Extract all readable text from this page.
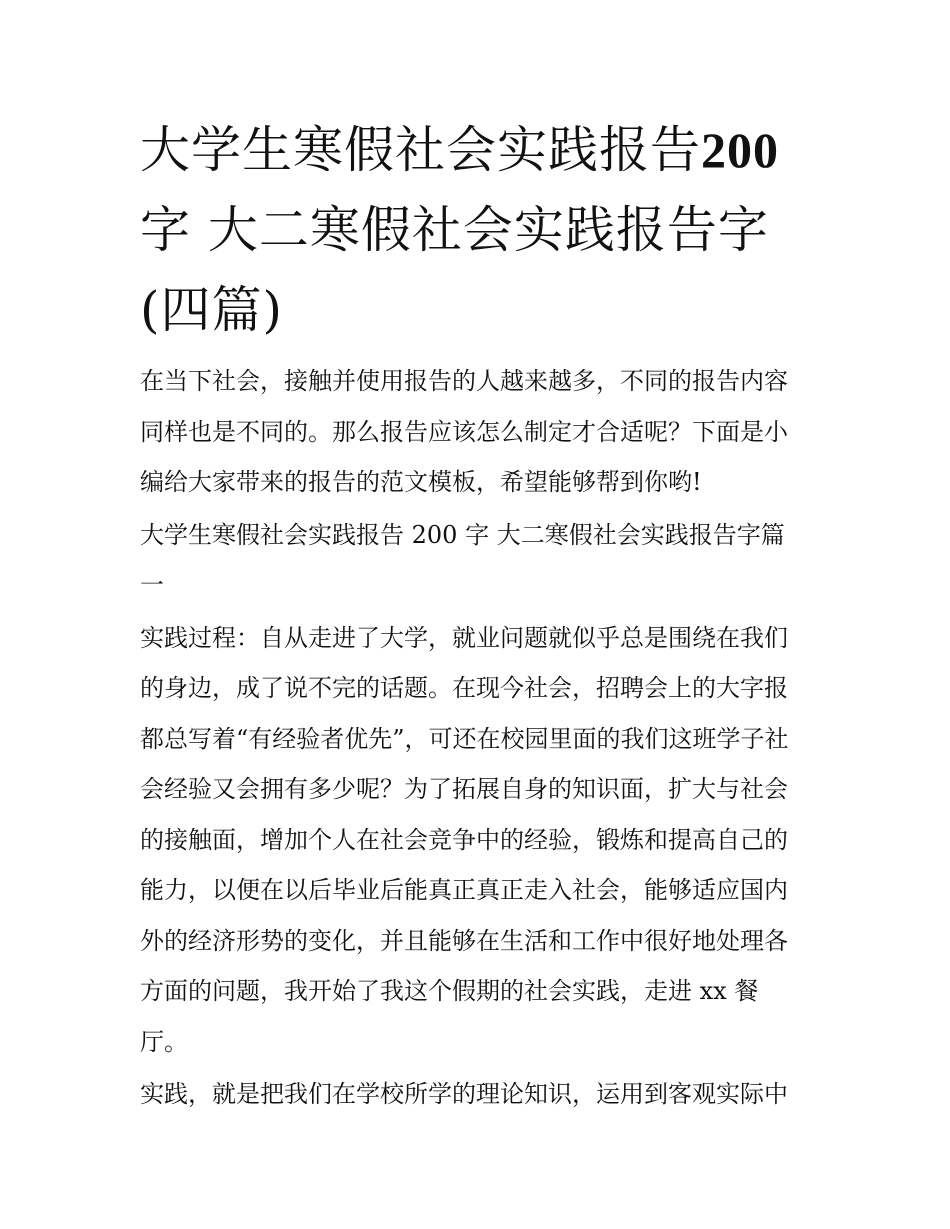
大学生寒假社会实践报告200
字 大二寒假社会实践报告字
(四篇)

在当下社会，接触并使用报告的人越来越多，不同的报告内容
同样也是不同的。那么报告应该怎么制定才合适呢？下面是小
编给大家带来的报告的范文模板，希望能够帮到你哟!

大学生寒假社会实践报告 200 字 大二寒假社会实践报告字篇
一

实践过程：自从走进了大学，就业问题就似乎总是围绕在我们
的身边，成了说不完的话题。在现今社会，招聘会上的大字报
都总写着“有经验者优先”，可还在校园里面的我们这班学子社
会经验又会拥有多少呢？为了拓展自身的知识面，扩大与社会
的接触面，增加个人在社会竞争中的经验，锻炼和提高自己的
能力，以便在以后毕业后能真正真正走入社会，能够适应国内
外的经济形势的变化，并且能够在生活和工作中很好地处理各
方面的问题，我开始了我这个假期的社会实践，走进 xx 餐
厅。

实践，就是把我们在学校所学的理论知识，运用到客观实际中
